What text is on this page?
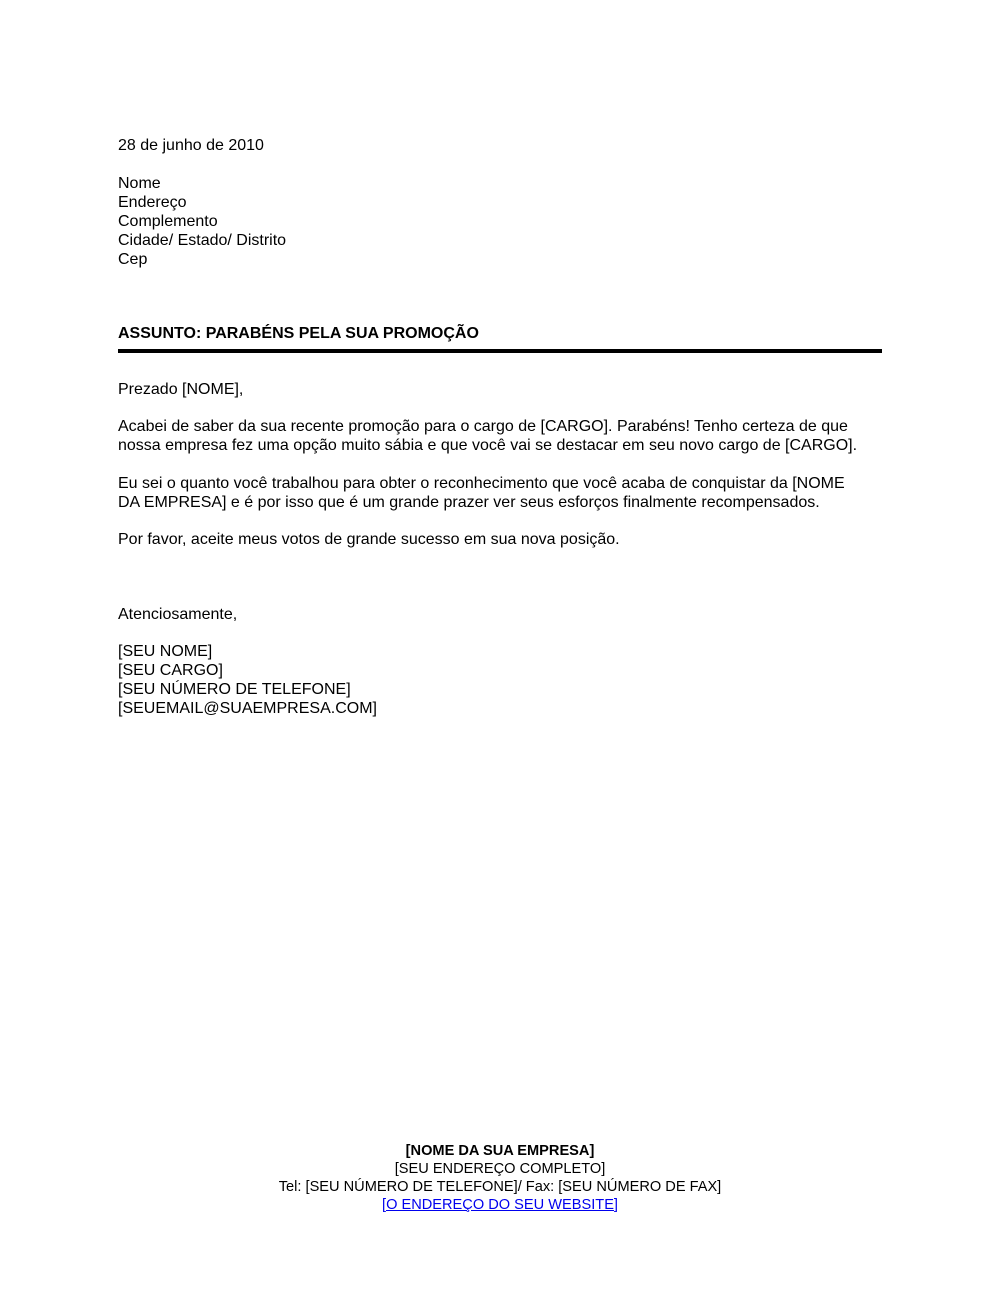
28 de junho de 2010
Nome
Endereço
Complemento
Cidade/ Estado/ Distrito
Cep
ASSUNTO: PARABÉNS PELA SUA PROMOÇÃO
Prezado [NOME],
Acabei de saber da sua recente promoção para o cargo de [CARGO]. Parabéns! Tenho certeza de que
nossa empresa fez uma opção muito sábia e que você vai se destacar em seu novo cargo de [CARGO].
Eu sei o quanto você trabalhou para obter o reconhecimento que você acaba de conquistar da [NOME
DA EMPRESA] e é por isso que é um grande prazer ver seus esforços finalmente recompensados.
Por favor, aceite meus votos de grande sucesso em sua nova posição.
Atenciosamente,
[SEU NOME]
[SEU CARGO]
[SEU NÚMERO DE TELEFONE]
[SEUEMAIL@SUAEMPRESA.COM]
[NOME DA SUA EMPRESA]
[SEU ENDEREÇO COMPLETO]
Tel: [SEU NÚMERO DE TELEFONE]/ Fax: [SEU NÚMERO DE FAX]
[O ENDEREÇO DO SEU WEBSITE]
